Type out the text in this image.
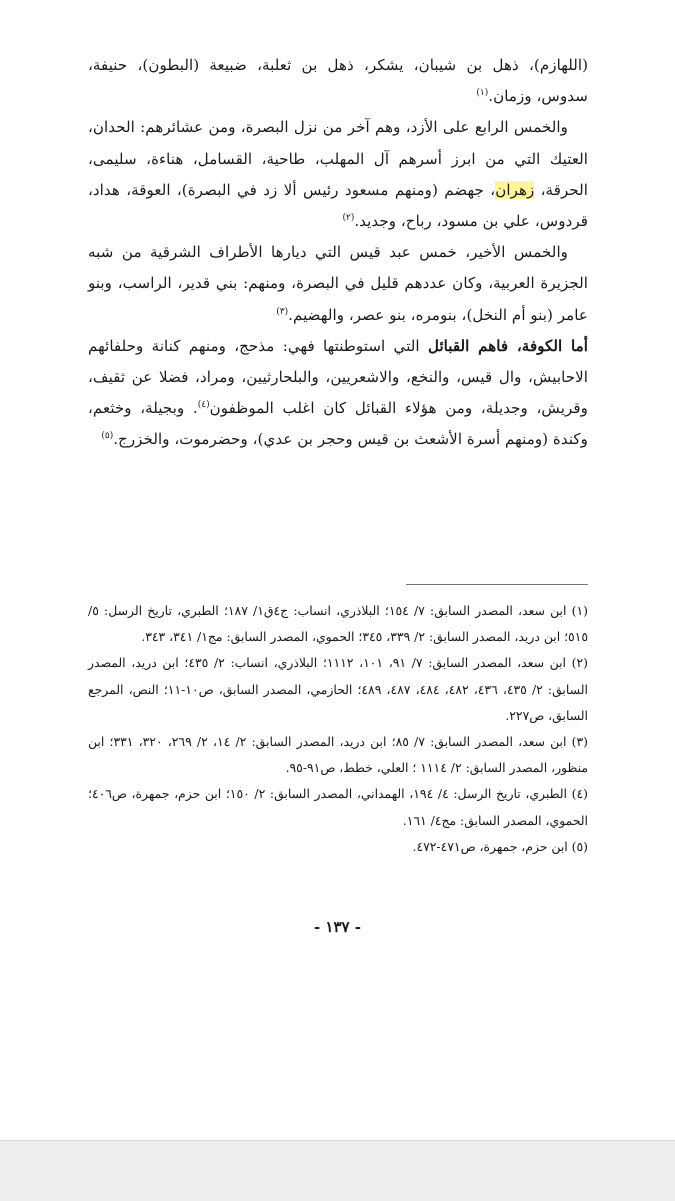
(اللهازم)، ذهل بن شيبان، يشكر، ذهل بن ثعلبة، ضبيعة (البطون)، حنيفة، سدوس، وزمان.$^{(١)}$

والخمس الرابع على الأزد، وهم آخر من نزل البصرة، ومن عشائرهم: الحدان، العتيك التي من ابرز أسرهم آل المهلب، طاحية، القسامل، هناءة، سليمى، الحرقة، زهران، جهضم (ومنهم مسعود رئيس ألا زد في البصرة)، العوقة، هداد، قردوس، علي بن مسود، رباح، وجديد.$^{(٢)}$

والخمس الأخير، خمس عبد قيس التي ديارها الأطراف الشرقية من شبه الجزيرة العربية، وكان عددهم قليل في البصرة، ومنهم: بني قدير، الراسب، وبنو عامر (بنو أم النخل)، بنومره، بنو عصر، والهضيم.$^{(٣)}$

أما الكوفة، فاهم القبائل التي استوطنتها فهي: مذحج، ومنهم كنانة وحلفائهم الاحابيش، وال قيس، والنخع، والاشعريين، والبلحارثيين، ومراد، فضلا عن ثقيف، وقريش، وجديلة، ومن هؤلاء القبائل كان اغلب الموظفون$^{(٤)}$. وبجيلة، وخثعم، وكندة (ومنهم أسرة الأشعث بن قيس وحجر بن عدي)، وحضرموت، والخزرج.$^{(٥)}$

(١) ابن سعد، المصدر السابق: ٧/ ١٥٤؛ البلاذري، انساب: ج٤ق١/ ١٨٧؛ الطبري، تاريخ الرسل: ٥/ ٥١٥؛ ابن دريد، المصدر السابق: ٢/ ٣٣٩، ٣٤٥؛ الحموي، المصدر السابق: مج١/ ٣٤١، ٣٤٣.

(٢) ابن سعد، المصدر السابق: ٧/ ٩١، ١٠١، ١١١٢؛ البلاذري، انساب: ٢/ ٤٣٥؛ ابن دريد، المصدر السابق: ٢/ ٤٣٥، ٤٣٦، ٤٨٢، ٤٨٤، ٤٨٧، ٤٨٩؛ الحازمي، المصدر السابق، ص١٠-١١؛ النص، المرجع السابق، ص٢٢٧.

(٣) ابن سعد، المصدر السابق: ٧/ ٨٥؛ ابن دريد، المصدر السابق: ٢/ ١٤، ٢/ ٢٦٩، ٣٢٠، ٣٣١؛ ابن منظور، المصدر السابق: ٢/ ١١١٤ ؛ العلي، خطط، ص٩١-٩٥.

(٤) الطبري، تاريخ الرسل: ٤/ ١٩٤، الهمداني، المصدر السابق: ٢/ ١٥٠؛ ابن حزم، جمهرة، ص٤٠٦؛ الحموي، المصدر السابق: مج٤/ ١٦١.

(٥) ابن حزم، جمهرة، ص٤٧١-٤٧٢.

- ١٣٧ -
